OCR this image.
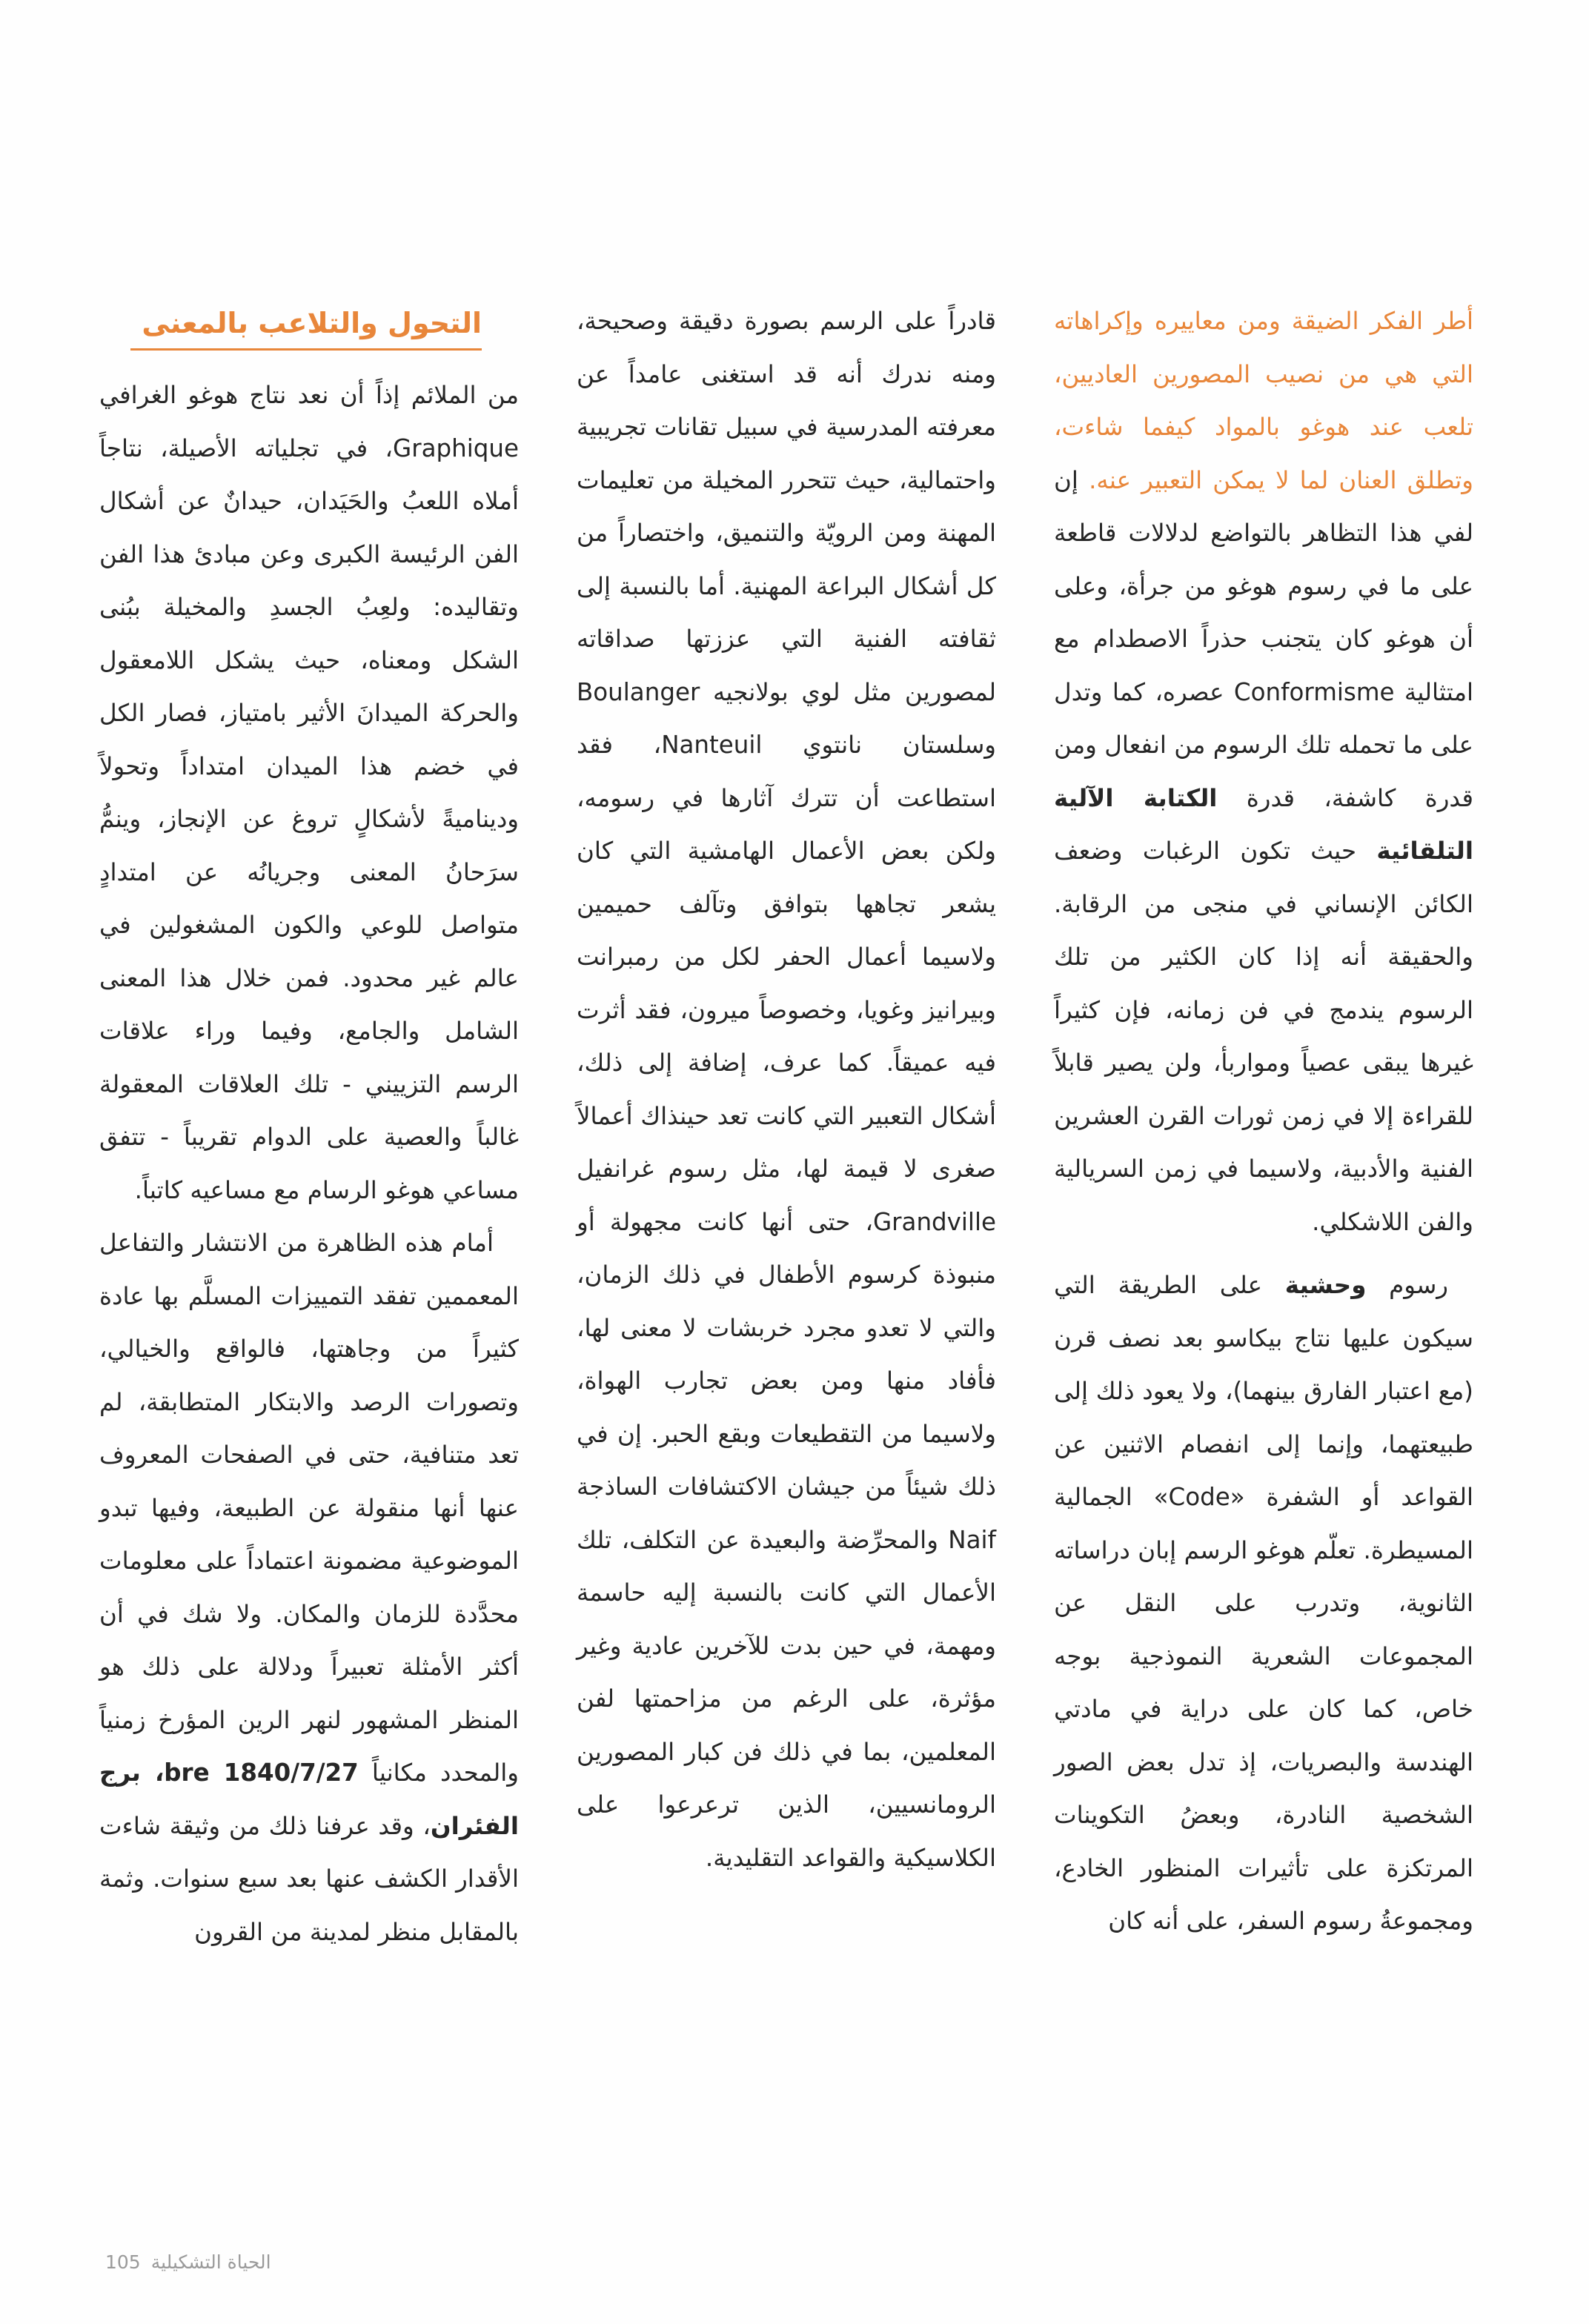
أطر الفكر الضيقة ومن معاييره وإكراهاته التي هي من نصيب المصورين العاديين، تلعب عند هوغو بالمواد كيفما شاءت، وتطلق العنان لما لا يمكن التعبير عنه. إن لفي هذا التظاهر بالتواضع لدلالات قاطعة على ما في رسوم هوغو من جرأة، وعلى أن هوغو كان يتجنب حذراً الاصطدام مع امتثالية Conformisme عصره، كما وتدل على ما تحمله تلك الرسوم من انفعال ومن قدرة كاشفة، قدرة الكتابة الآلية التلقائية حيث تكون الرغبات وضعف الكائن الإنساني في منجى من الرقابة. والحقيقة أنه إذا كان الكثير من تلك الرسوم يندمج في فن زمانه، فإن كثيراً غيرها يبقى عصياً ومواربأ، ولن يصير قابلاً للقراءة إلا في زمن ثورات القرن العشرين الفنية والأدبية، ولاسيما في زمن السريالية والفن اللاشكلي.

رسوم وحشية على الطريقة التي سيكون عليها نتاج بيكاسو بعد نصف قرن (مع اعتبار الفارق بينهما)، ولا يعود ذلك إلى طبيعتهما، وإنما إلى انفصام الاثنين عن القواعد أو الشفرة «Code» الجمالية المسيطرة. تعلّم هوغو الرسم إبان دراساته الثانوية، وتدرب على النقل عن المجموعات الشعرية النموذجية بوجه خاص، كما كان على دراية في مادتي الهندسة والبصريات، إذ تدل بعض الصور الشخصية النادرة، وبعضُ التكوينات المرتكزة على تأثيرات المنظور الخادع، ومجموعةُ رسوم السفر، على أنه كان

قادراً على الرسم بصورة دقيقة وصحيحة، ومنه ندرك أنه قد استغنى عامداً عن معرفته المدرسية في سبيل تقانات تجريبية واحتمالية، حيث تتحرر المخيلة من تعليمات المهنة ومن الرويّة والتنميق، واختصاراً من كل أشكال البراعة المهنية. أما بالنسبة إلى ثقافته الفنية التي عززتها صداقاته لمصورين مثل لوي بولانجيه Boulanger وسلستان نانتوي Nanteuil، فقد استطاعت أن تترك آثارها في رسومه، ولكن بعض الأعمال الهامشية التي كان يشعر تجاهها بتوافق وتآلف حميمين ولاسيما أعمال الحفر لكل من رمبرانت وبيرانيز وغويا، وخصوصاً ميرون، فقد أثرت فيه عميقاً. كما عرف، إضافة إلى ذلك، أشكال التعبير التي كانت تعد حينذاك أعمالاً صغرى لا قيمة لها، مثل رسوم غرانفيل Grandville، حتى أنها كانت مجهولة أو منبوذة كرسوم الأطفال في ذلك الزمان، والتي لا تعدو مجرد خربشات لا معنى لها، فأفاد منها ومن بعض تجارب الهواة، ولاسيما من التقطيعات وبقع الحبر. إن في ذلك شيئاً من جيشان الاكتشافات الساذجة Naif والمحرِّضة والبعيدة عن التكلف، تلك الأعمال التي كانت بالنسبة إليه حاسمة ومهمة، في حين بدت للآخرين عادية وغير مؤثرة، على الرغم من مزاحمتها لفن المعلمين، بما في ذلك فن كبار المصورين الرومانسيين، الذين ترعرعوا على الكلاسيكية والقواعد التقليدية.

التحول والتلاعب بالمعنى

من الملائم إذاً أن نعد نتاج هوغو الغرافي Graphique، في تجلياته الأصيلة، نتاجاً أملاه اللعبُ والحَيَدان، حيدانٌ عن أشكال الفن الرئيسة الكبرى وعن مبادئ هذا الفن وتقاليده: ولعِبُ الجسدِ والمخيلة ببُنى الشكل ومعناه، حيث يشكل اللامعقول والحركة الميدانَ الأثير بامتياز، فصار الكل في خضم هذا الميدان امتداداً وتحولاً وديناميةً لأشكالٍ تروغ عن الإنجاز، وينمُّ سرَحانُ المعنى وجريانُه عن امتدادٍ متواصل للوعي والكون المشغولين في عالم غير محدود. فمن خلال هذا المعنى الشامل والجامع، وفيما وراء علاقات الرسم التزييني - تلك العلاقات المعقولة غالباً والعصية على الدوام تقريباً - تتفق مساعي هوغو الرسام مع مساعيه كاتباً.

أمام هذه الظاهرة من الانتشار والتفاعل المعممين تفقد التمييزات المسلَّم بها عادة كثيراً من وجاهتها، فالواقع والخيالي، وتصورات الرصد والابتكار المتطابقة، لم تعد متنافية، حتى في الصفحات المعروف عنها أنها منقولة عن الطبيعة، وفيها تبدو الموضوعية مضمونة اعتماداً على معلومات محدَّدة للزمان والمكان. ولا شك في أن أكثر الأمثلة تعبيراً ودلالة على ذلك هو المنظر المشهور لنهر الرين المؤرخ زمنياً والمحدد مكانياً 1840/7/27 bre، برج الفئران، وقد عرفنا ذلك من وثيقة شاءت الأقدار الكشف عنها بعد سبع سنوات. وثمة بالمقابل منظر لمدينة من القرون

105 الحياة التشكيلية
